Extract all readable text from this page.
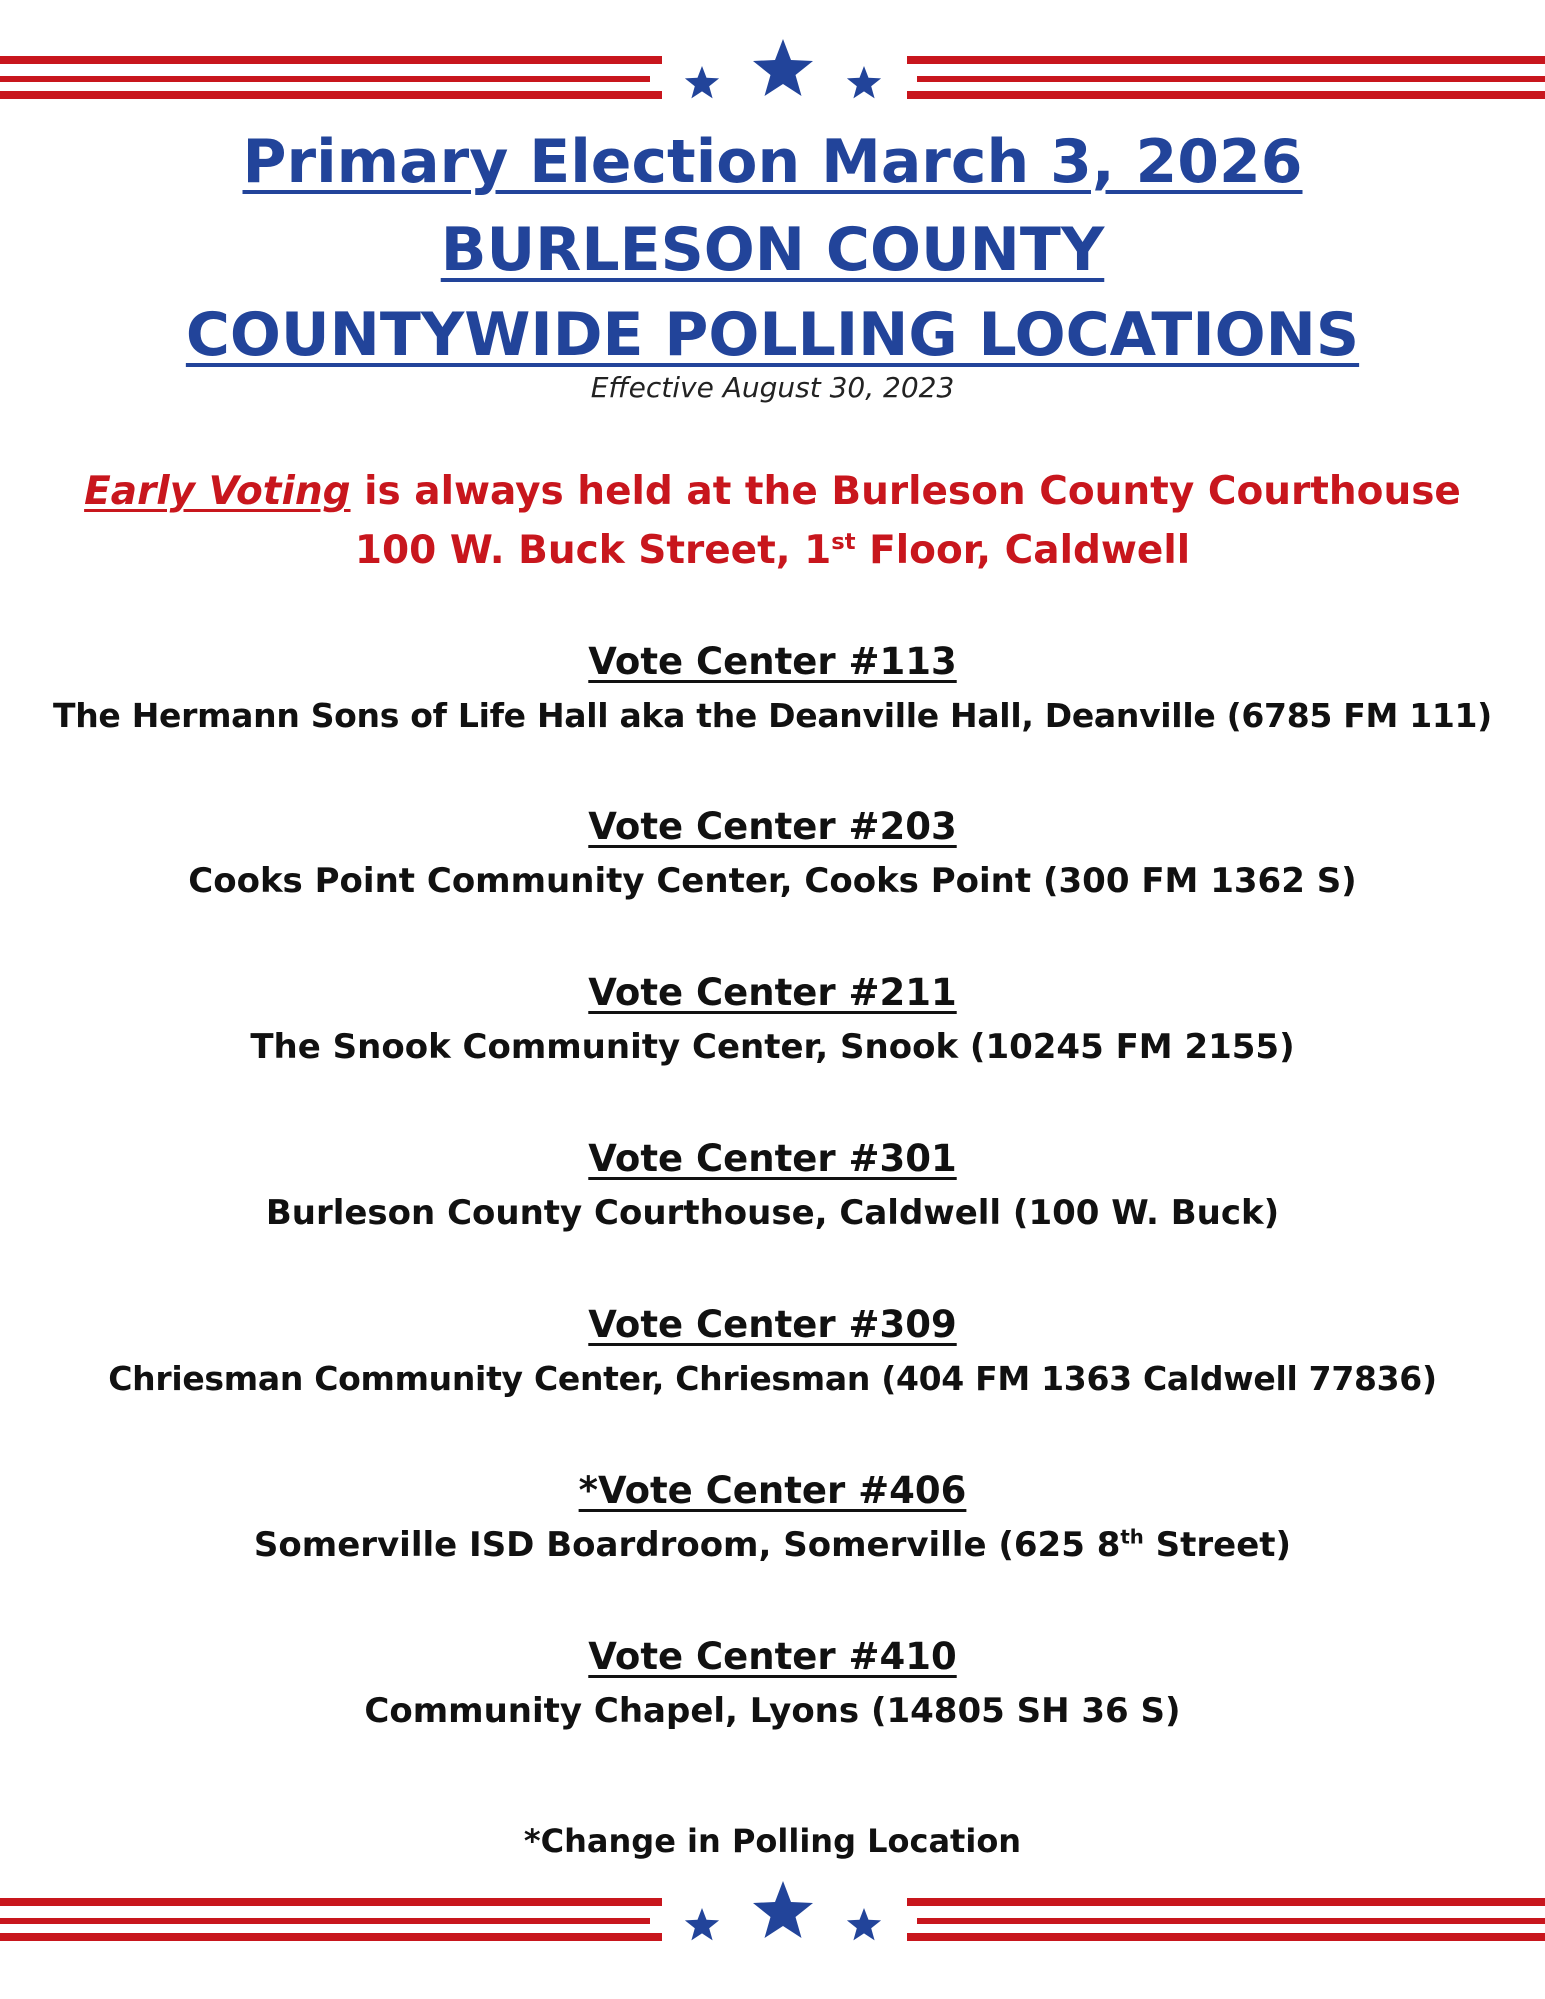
Primary Election March 3, 2026
BURLESON COUNTY
COUNTYWIDE POLLING LOCATIONS
Effective August 30, 2023
Early Voting is always held at the Burleson County Courthouse
100 W. Buck Street, 1st Floor, Caldwell
Vote Center #113
The Hermann Sons of Life Hall aka the Deanville Hall, Deanville (6785 FM 111)
Vote Center #203
Cooks Point Community Center, Cooks Point (300 FM 1362 S)
Vote Center #211
The Snook Community Center, Snook (10245 FM 2155)
Vote Center #301
Burleson County Courthouse, Caldwell (100 W. Buck)
Vote Center #309
Chriesman Community Center, Chriesman (404 FM 1363 Caldwell 77836)
*Vote Center #406
Somerville ISD Boardroom, Somerville (625 8th Street)
Vote Center #410
Community Chapel, Lyons (14805 SH 36 S)
*Change in Polling Location
